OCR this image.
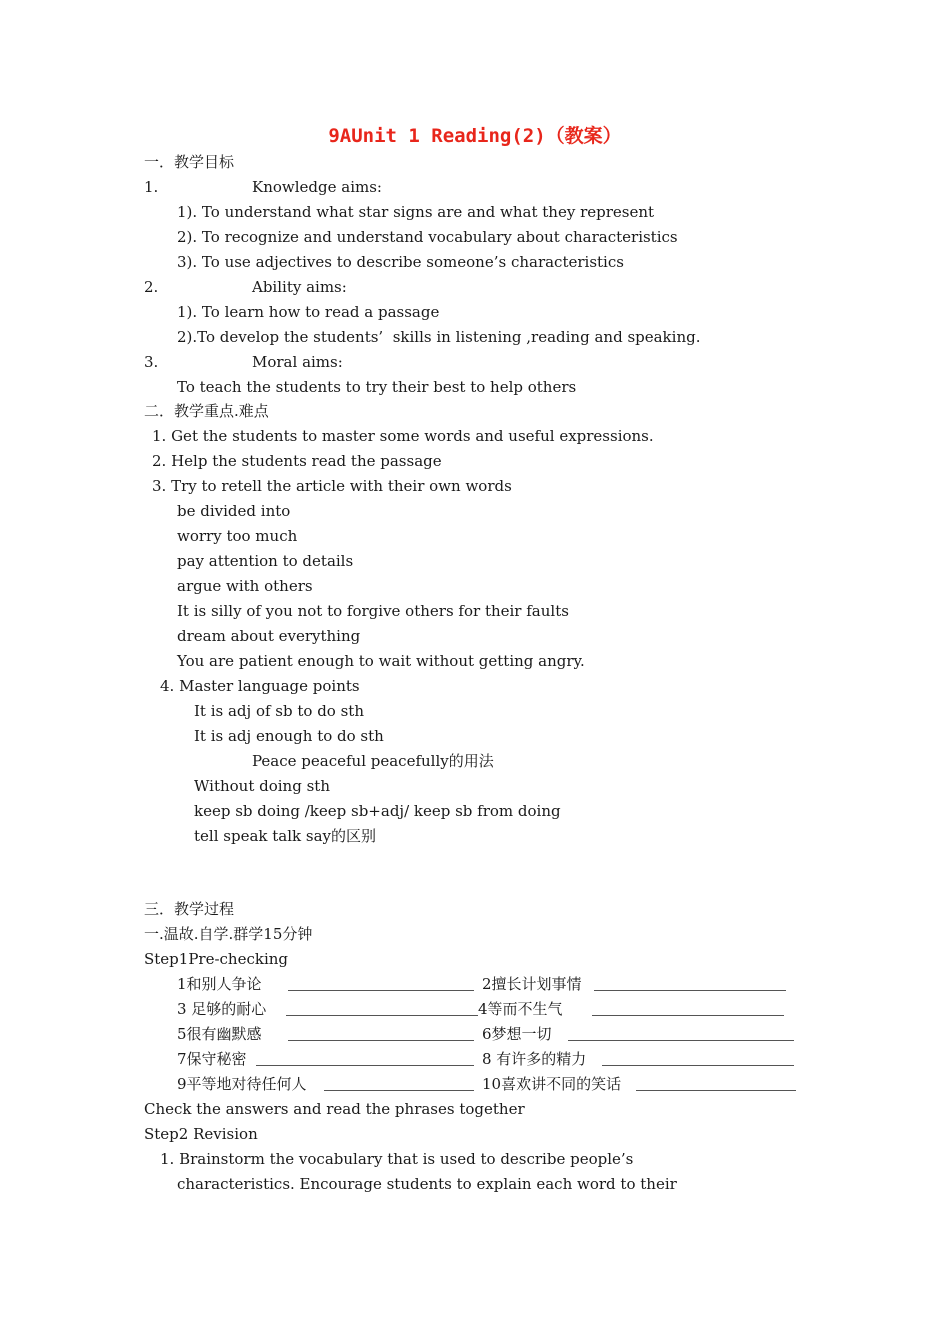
9AUnit 1 Reading(2)（教案）
一．教学目标
1.	Knowledge aims:
1). To understand what star signs are and what they represent
2). To recognize and understand vocabulary about characteristics
3). To use adjectives to describe someone’s characteristics
2.	Ability aims:
1). To learn how to read a passage
2).To develop the students’  skills in listening ,reading and speaking.
3.	Moral aims:
To teach the students to try their best to help others
二．教学重点.难点
1. Get the students to master some words and useful expressions.
2. Help the students read the passage
3. Try to retell the article with their own words
be divided into
worry too much
pay attention to details
argue with others
It is silly of you not to forgive others for their faults
dream about everything
You are patient enough to wait without getting angry.
4. Master language points
It is adj of sb to do sth
It is adj enough to do sth
Peace peaceful peacefully的用法
Without doing sth
keep sb doing /keep sb+adj/ keep sb from doing
tell speak talk say的区别
三．教学过程
一.温故.自学.群学15分钟
Step1Pre-checking
1和别人争论	2擅长计划事情
3 足够的耐心	4等而不生气
5很有幽默感	6梦想一切
7保守秘密	8 有许多的精力
9平等地对待任何人	10喜欢讲不同的笑话
Check the answers and read the phrases together
Step2 Revision
1. Brainstorm the vocabulary that is used to describe people’s
characteristics. Encourage students to explain each word to their
